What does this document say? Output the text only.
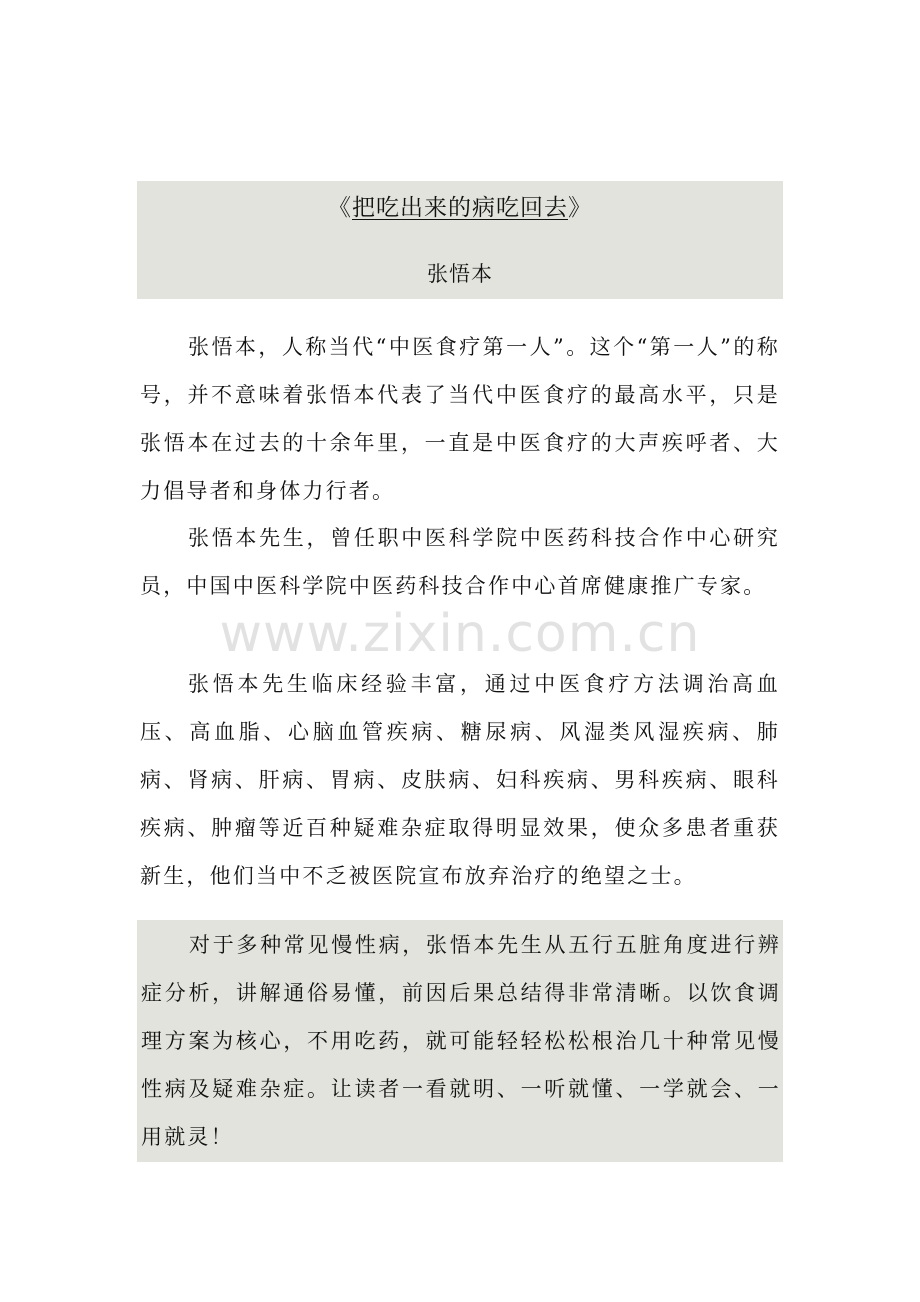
《把吃出来的病吃回去》
张悟本

张悟本，人称当代“中医食疗第一人”。这个“第一人”的称号，并不意味着张悟本代表了当代中医食疗的最高水平，只是张悟本在过去的十余年里，一直是中医食疗的大声疾呼者、大力倡导者和身体力行者。

张悟本先生，曾任职中医科学院中医药科技合作中心研究员，中国中医科学院中医药科技合作中心首席健康推广专家。

张悟本先生临床经验丰富，通过中医食疗方法调治高血压、高血脂、心脑血管疾病、糖尿病、风湿类风湿疾病、肺病、肾病、肝病、胃病、皮肤病、妇科疾病、男科疾病、眼科疾病、肿瘤等近百种疑难杂症取得明显效果，使众多患者重获新生，他们当中不乏被医院宣布放弃治疗的绝望之士。

对于多种常见慢性病，张悟本先生从五行五脏角度进行辨症分析，讲解通俗易懂，前因后果总结得非常清晰。以饮食调理方案为核心，不用吃药，就可能轻轻松松根治几十种常见慢性病及疑难杂症。让读者一看就明、一听就懂、一学就会、一用就灵！

www.zixin.com.cn
